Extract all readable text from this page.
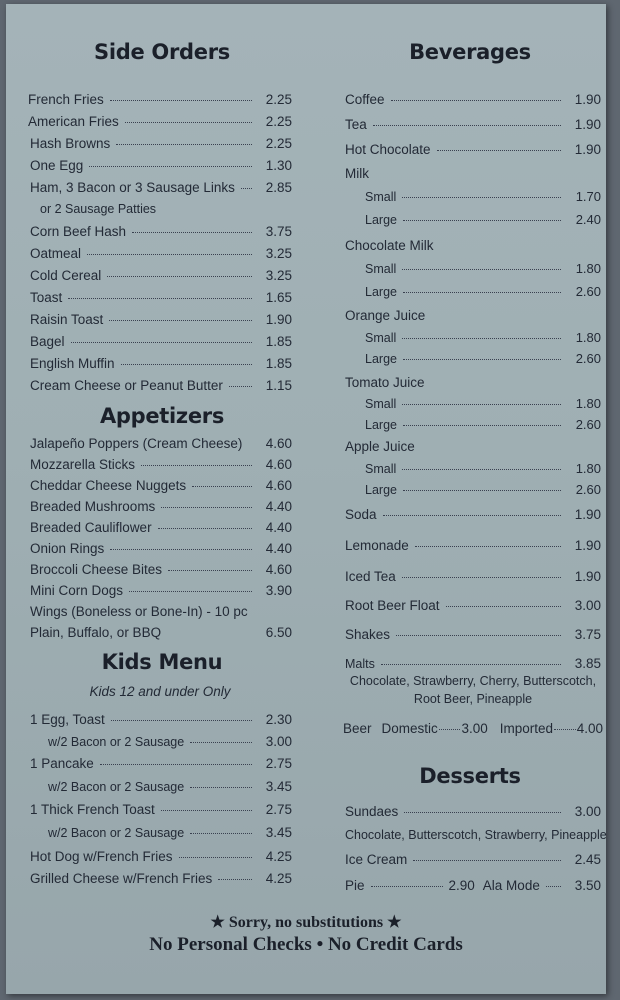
Side Orders
French Fries	2.25
American Fries	2.25
Hash Browns	2.25
One Egg	1.30
Ham, 3 Bacon or 3 Sausage Links	2.85
or 2 Sausage Patties
Corn Beef Hash	3.75
Oatmeal	3.25
Cold Cereal	3.25
Toast	1.65
Raisin Toast	1.90
Bagel	1.85
English Muffin	1.85
Cream Cheese or Peanut Butter	1.15
Appetizers
Jalapeño Poppers (Cream Cheese)	4.60
Mozzarella Sticks	4.60
Cheddar Cheese Nuggets	4.60
Breaded Mushrooms	4.40
Breaded Cauliflower	4.40
Onion Rings	4.40
Broccoli Cheese Bites	4.60
Mini Corn Dogs	3.90
Wings (Boneless or Bone-In) - 10 pc
Plain, Buffalo, or BBQ	6.50
Kids Menu
Kids 12 and under Only
1 Egg, Toast	2.30
w/2 Bacon or 2 Sausage	3.00
1 Pancake	2.75
w/2 Bacon or 2 Sausage	3.45
1 Thick French Toast	2.75
w/2 Bacon or 2 Sausage	3.45
Hot Dog w/French Fries	4.25
Grilled Cheese w/French Fries	4.25
Beverages
Coffee	1.90
Tea	1.90
Hot Chocolate	1.90
Milk
Small	1.70
Large	2.40
Chocolate Milk
Small	1.80
Large	2.60
Orange Juice
Small	1.80
Large	2.60
Tomato Juice
Small	1.80
Large	2.60
Apple Juice
Small	1.80
Large	2.60
Soda	1.90
Lemonade	1.90
Iced Tea	1.90
Root Beer Float	3.00
Shakes	3.75
Malts	3.85
Chocolate, Strawberry, Cherry, Butterscotch,
Root Beer, Pineapple
Beer Domestic 3.00 Imported 4.00
Desserts
Sundaes	3.00
Chocolate, Butterscotch, Strawberry, Pineapple
Ice Cream	2.45
Pie	2.90 Ala Mode	3.50
★ Sorry, no substitutions ★
No Personal Checks • No Credit Cards
